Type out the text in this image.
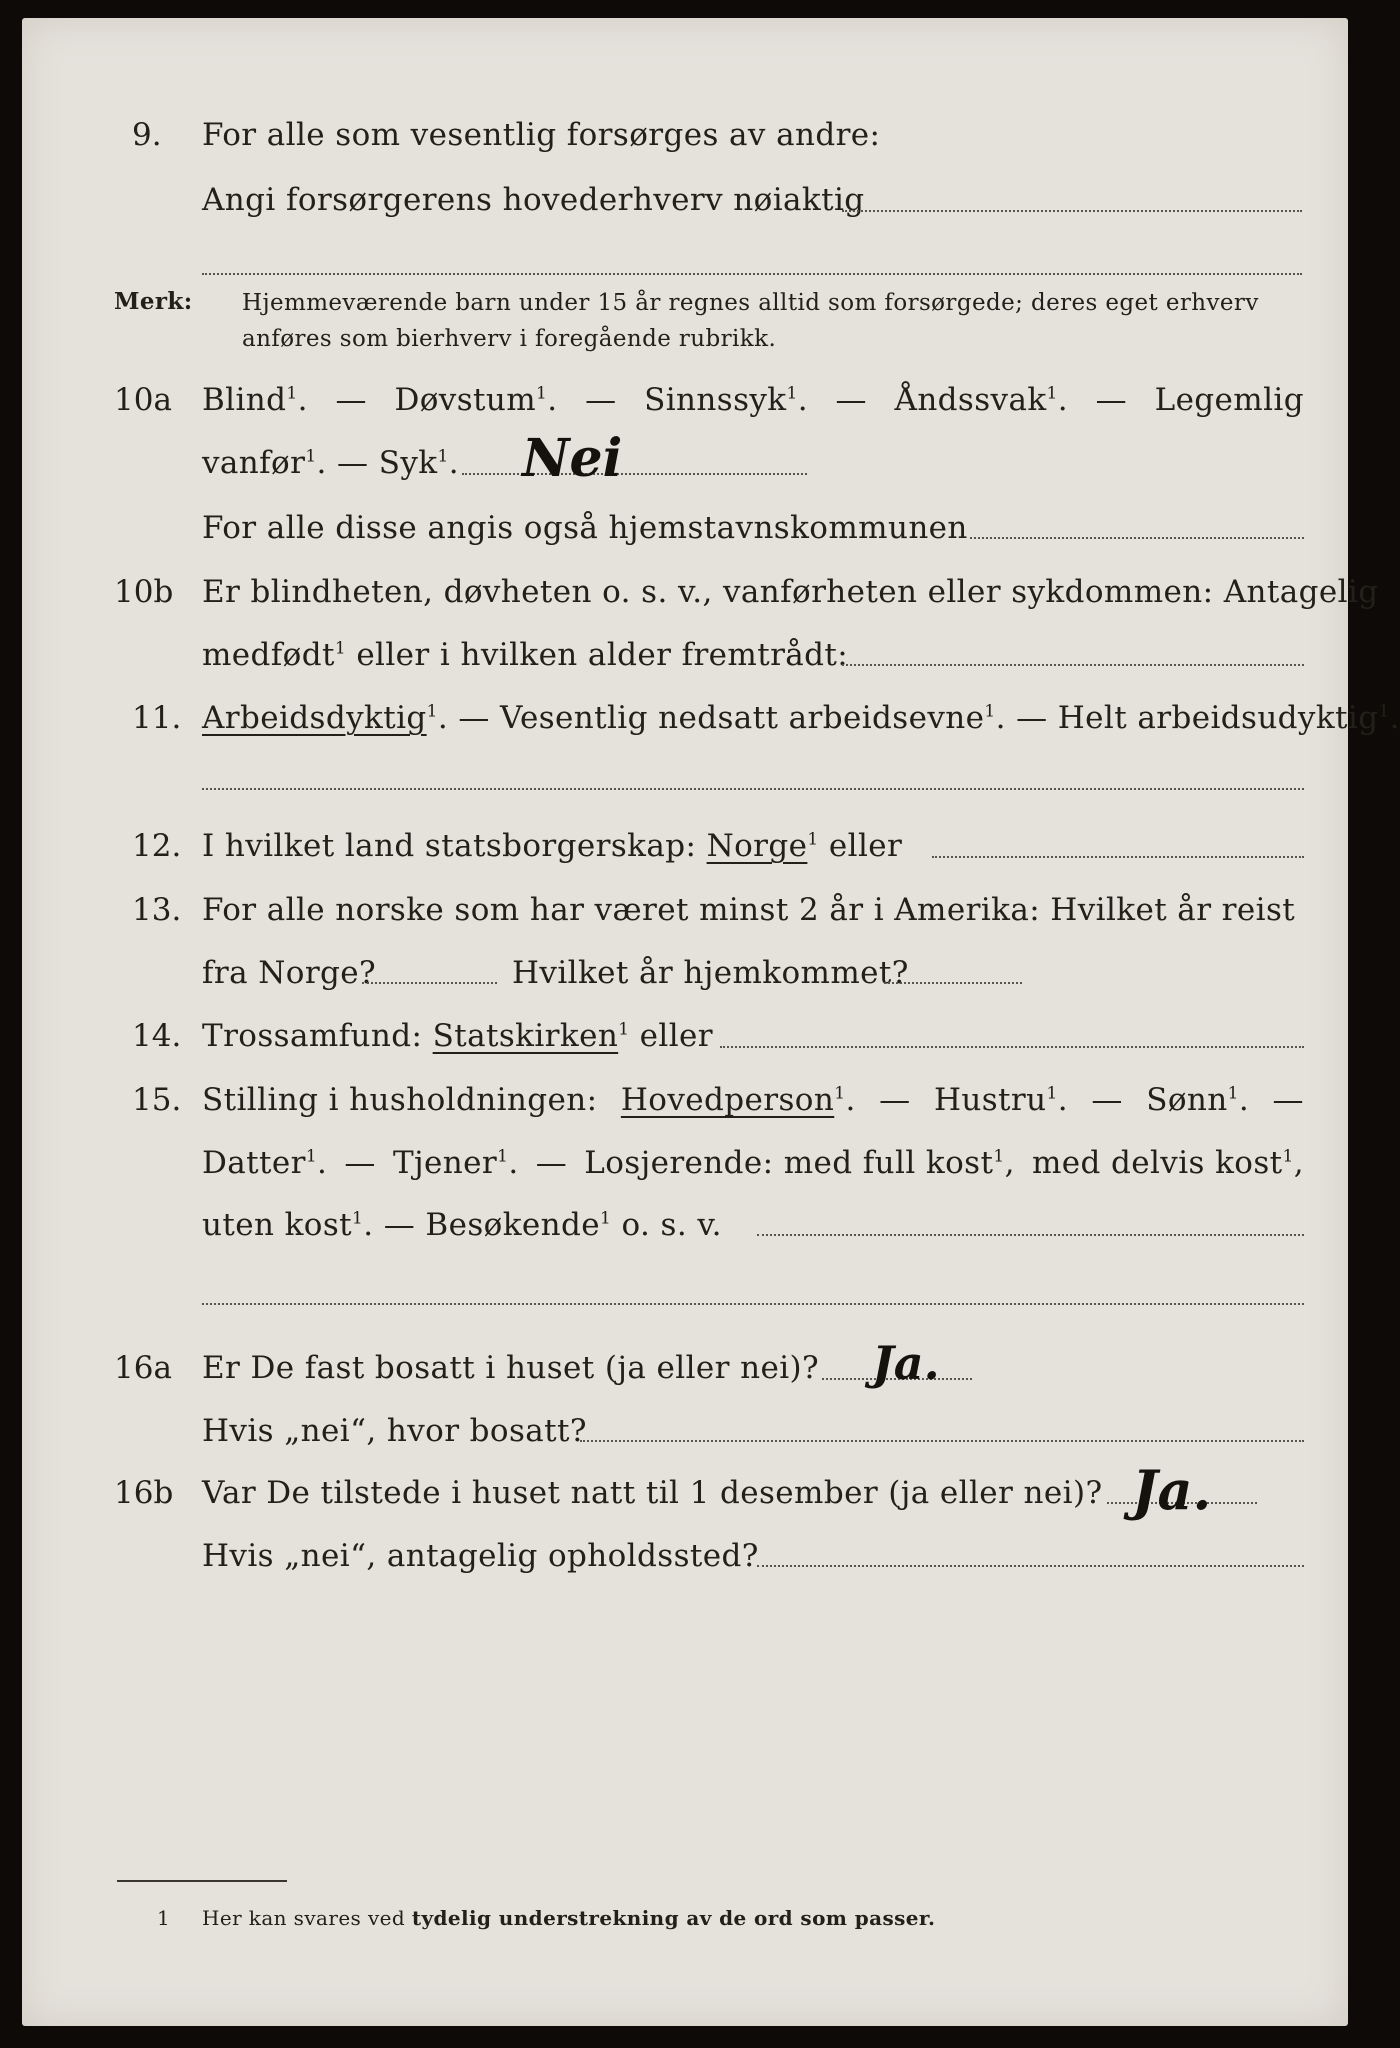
9. For alle som vesentlig forsørges av andre:
Angi forsørgerens hovederhverv nøiaktig
Merk: Hjemmeværende barn under 15 år regnes alltid som forsørgede; deres eget erhverv
anføres som bierhverv i foregående rubrikk.
10a Blind$^1$. — Døvstum$^1$. — Sinnssyk$^1$. — Åndssvak$^1$. — Legemlig
vanfør$^1$. — Syk$^1$. Nei
For alle disse angis også hjemstavnskommunen
10b Er blindheten, døvheten o. s. v., vanførheten eller sykdommen: Antagelig
medfødt$^1$ eller i hvilken alder fremtrådt:
11. Arbeidsdyktig$^1$. — Vesentlig nedsatt arbeidsevne$^1$. — Helt arbeidsudyktig$^1$.
12. I hvilket land statsborgerskap: Norge$^1$ eller
13. For alle norske som har været minst 2 år i Amerika: Hvilket år reist
fra Norge?	Hvilket år hjemkommet?
14. Trossamfund: Statskirken$^1$ eller
15. Stilling i husholdningen: Hovedperson$^1$. — Hustru$^1$. — Sønn$^1$. —
Datter$^1$. — Tjener$^1$. — Losjerende: med full kost$^1$, med delvis kost$^1$,
uten kost$^1$. — Besøkende$^1$ o. s. v.
16a Er De fast bosatt i huset (ja eller nei)? Ja.
Hvis „nei“, hvor bosatt?
16b Var De tilstede i huset natt til 1 desember (ja eller nei)? Ja.
Hvis „nei“, antagelig opholdssted?
1 Her kan svares ved tydelig understrekning av de ord som passer.
